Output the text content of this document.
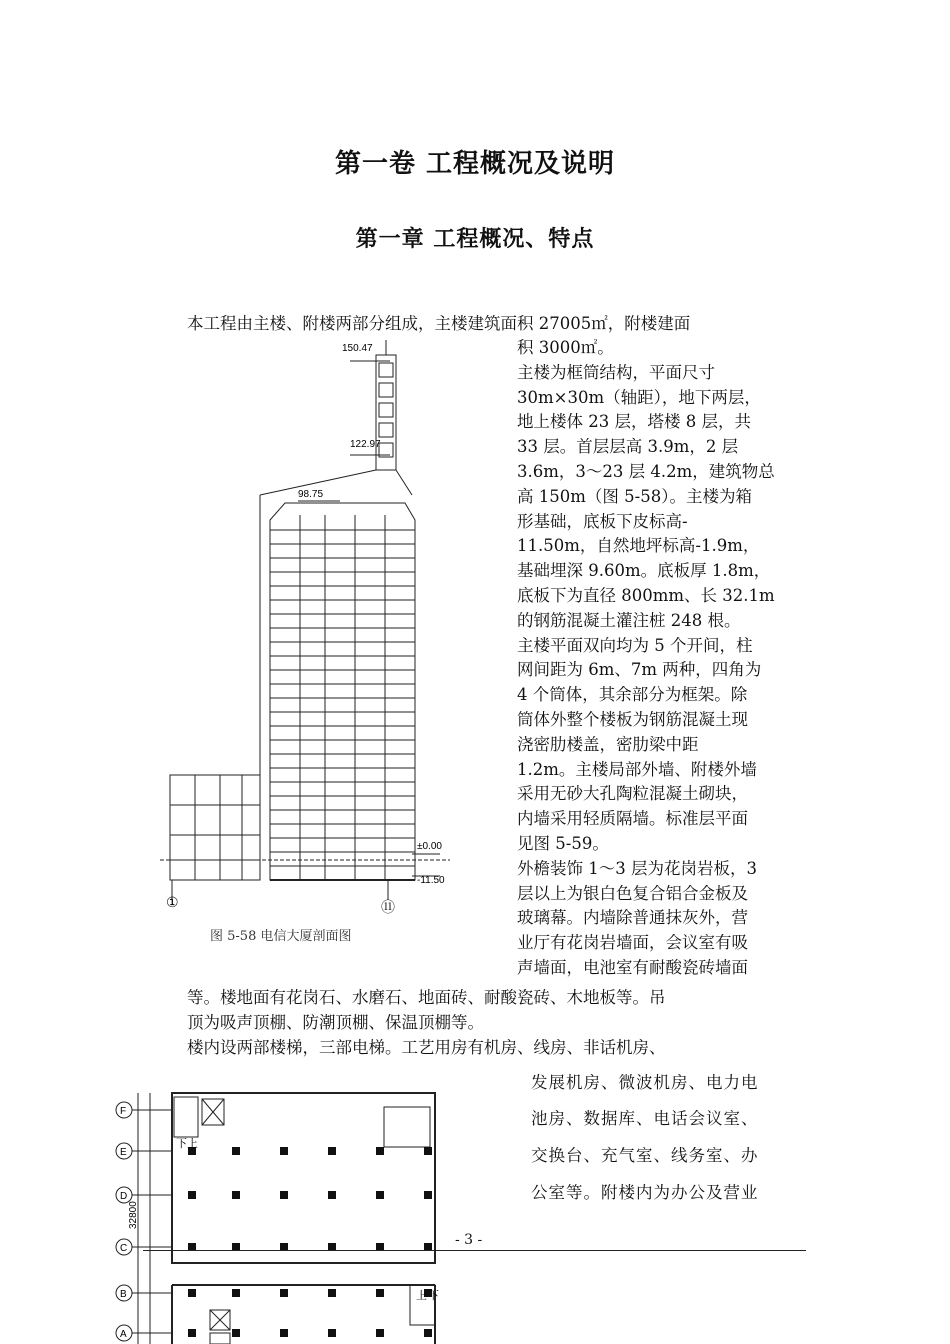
第一卷 工程概况及说明
第一章 工程概况、特点
本工程由主楼、附楼两部分组成，主楼建筑面积 27005㎡，附楼建面
积 3000㎡。
主楼为框筒结构，平面尺寸
30m×30m（轴距），地下两层，
地上楼体 23 层，塔楼 8 层，共
33 层。首层层高 3.9m，2 层
3.6m，3～23 层 4.2m，建筑物总
高 150m（图 5-58）。主楼为箱
形基础，底板下皮标高-
11.50m，自然地坪标高-1.9m，
基础埋深 9.60m。底板厚 1.8m，
底板下为直径 800mm、长 32.1m
的钢筋混凝土灌注桩 248 根。
主楼平面双向均为 5 个开间，柱
网间距为 6m、7m 两种，四角为
4 个筒体，其余部分为框架。除
筒体外整个楼板为钢筋混凝土现
浇密肋楼盖，密肋梁中距
1.2m。主楼局部外墙、附楼外墙
采用无砂大孔陶粒混凝土砌块，
内墙采用轻质隔墙。标准层平面
见图 5-59。
外檐装饰 1～3 层为花岗岩板，3
层以上为银白色复合铝合金板及
玻璃幕。内墙除普通抹灰外，营
业厅有花岗岩墙面，会议室有吸
声墙面，电池室有耐酸瓷砖墙面
等。楼地面有花岗石、水磨石、地面砖、耐酸瓷砖、木地板等。吊
顶为吸声顶棚、防潮顶棚、保温顶棚等。
楼内设两部楼梯，三部电梯。工艺用房有机房、线房、非话机房、
发展机房、微波机房、电力电
池房、数据库、电话会议室、
交换台、充气室、线务室、办
公室等。附楼内为办公及营业
150.47
122.97
98.75
±0.00
-11.50
①	⑪
图 5-58 电信大厦剖面图
F
E
D
C
B
A
32800
下 上
上 下
- 3 -
